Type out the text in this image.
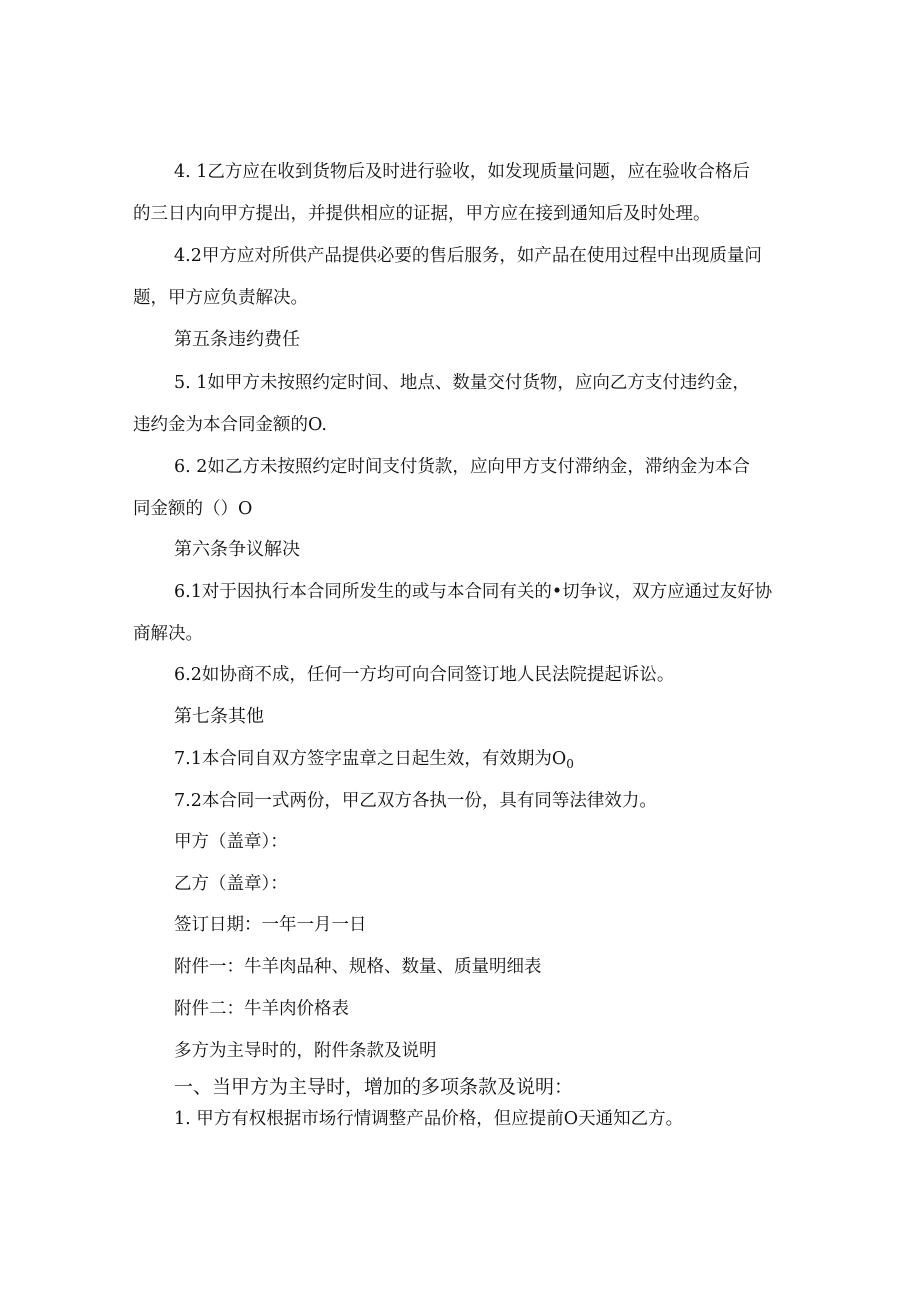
4. 1乙方应在收到货物后及时进行验收，如发现质量问题，应在验收合格后
的三日内向甲方提出，并提供相应的证据，甲方应在接到通知后及时处理。
4.2甲方应对所供产品提供必要的售后服务，如产品在使用过程中出现质量问
题，甲方应负责解决。
第五条违约费任
5. 1如甲方未按照约定时间、地点、数量交付货物，应向乙方支付违约金，
违约金为本合同金额的O.
6. 2如乙方未按照约定时间支付货款，应向甲方支付滞纳金，滞纳金为本合
同金额的（）O
第六条争议解决
6.1对于因执行本合同所发生的或与本合同有关的•切争议，双方应通过友好协
商解决。
6.2如协商不成，任何一方均可向合同签订地人民法院提起诉讼。
第七条其他
7.1本合同自双方签字盅章之日起生效，有效期为$O_0$
7.2本合同一式两份，甲乙双方各执一份，具有同等法律效力。
甲方（盖章）：
乙方（盖章）：
签订日期：一年一月一日
附件一：牛羊肉品种、规格、数量、质量明细表
附件二：牛羊肉价格表
多方为主导时的，附件条款及说明
一、当甲方为主导时，增加的多项条款及说明：
1. 甲方有权根据市场行情调整产品价格，但应提前O天通知乙方。
